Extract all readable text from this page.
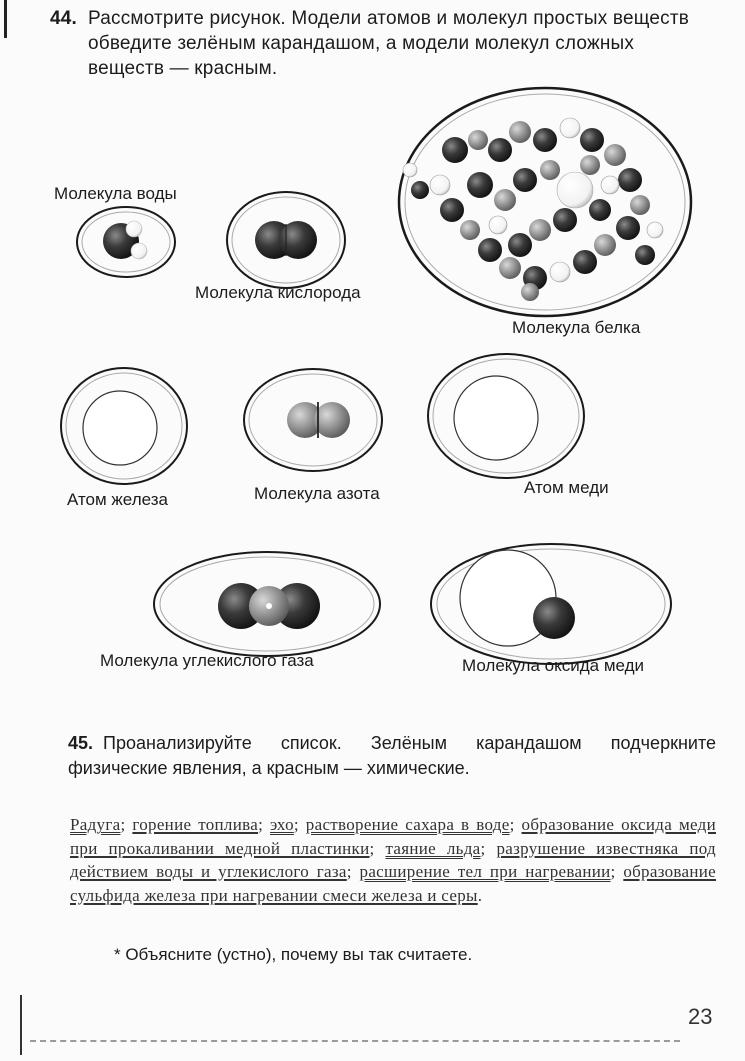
44. Рассмотрите рисунок. Модели атомов и молекул простых веществ обведите зелёным карандашом, а модели молекул сложных веществ — красным.
Молекула воды
Молекула кислорода
Молекула белка
Атом железа	Молекула азота	Атом меди
Молекула углекислого газа	Молекула оксида меди
45. Проанализируйте список. Зелёным карандашом подчеркните физические явления, а красным — химические.
Радуга; горение топлива; эхо; растворение сахара в воде; образование оксида меди при прокаливании медной пластинки; таяние льда; разрушение известняка под действием воды и углекислого газа; расширение тел при нагревании; образование сульфида железа при нагревании смеси железа и серы.
* Объясните (устно), почему вы так считаете.
23
